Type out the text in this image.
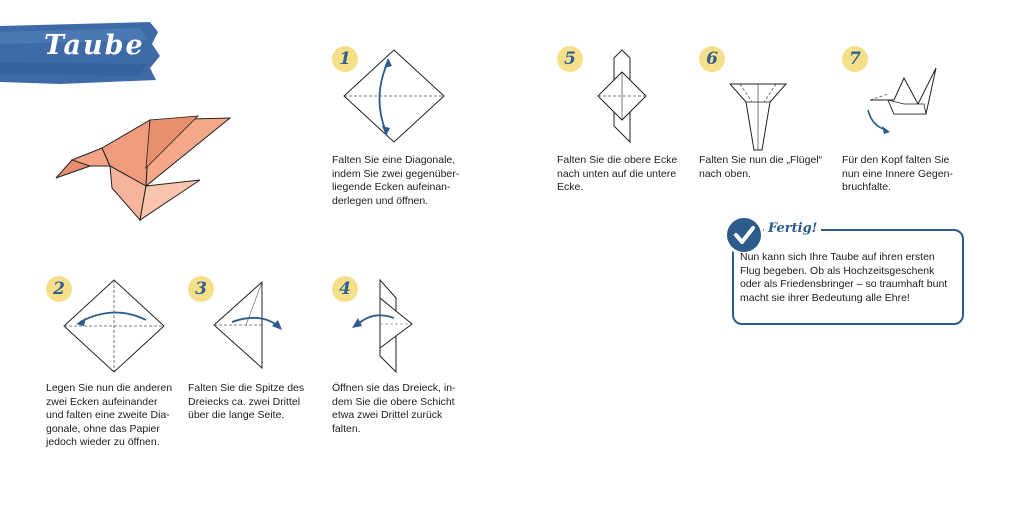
Taube	1
Falten Sie eine Diagonale,
indem Sie zwei gegenüber-
liegende Ecken aufeinan-
derlegen und öffnen.
2
Legen Sie nun die anderen
zwei Ecken aufeinander
und falten eine zweite Dia-
gonale, ohne das Papier
jedoch wieder zu öffnen.
3
Falten Sie die Spitze des
Dreiecks ca. zwei Drittel
über die lange Seite.
4
Öffnen sie das Dreieck, in-
dem Sie die obere Schicht
etwa zwei Drittel zurück
falten.
5
Falten Sie die obere Ecke
nach unten auf die untere
Ecke.
6
Falten Sie nun die „Flügel“
nach oben.
7
Für den Kopf falten Sie
nun eine Innere Gegen-
bruchfalte.
Fertig!
Nun kann sich Ihre Taube auf ihren ersten
Flug begeben. Ob als Hochzeitsgeschenk
oder als Friedensbringer – so traumhaft bunt
macht sie ihrer Bedeutung alle Ehre!
